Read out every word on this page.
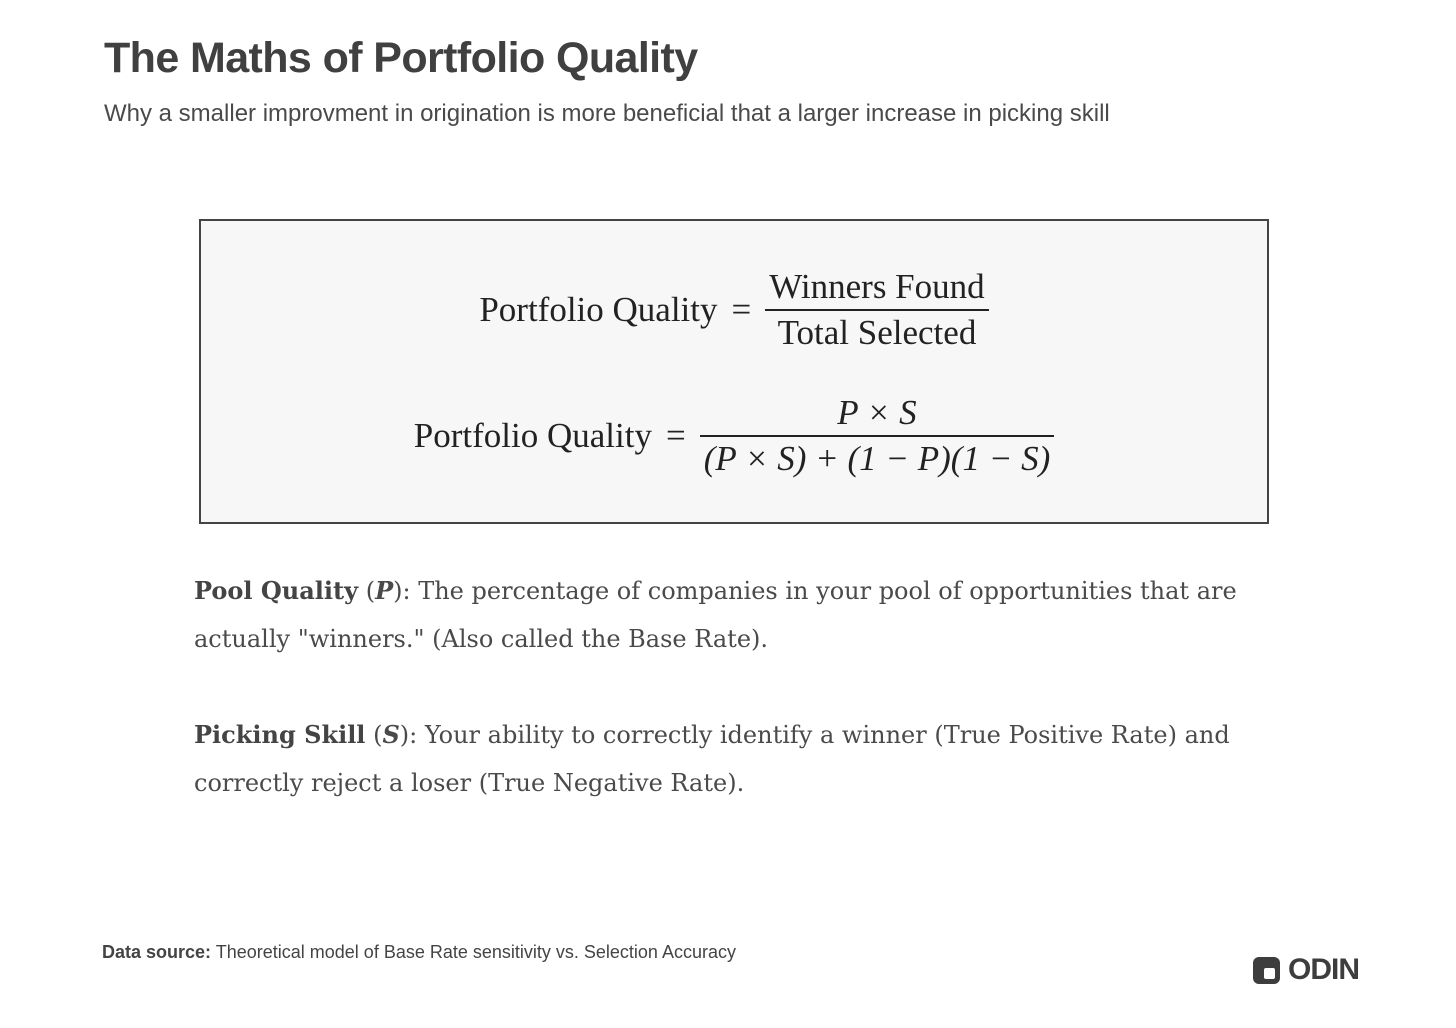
The Maths of Portfolio Quality
Why a smaller improvment in origination is more beneficial that a larger increase in picking skill
Portfolio Quality = $\frac{\text{Winners Found}}{\text{Total Selected}}$
Portfolio Quality = $\frac{P \times S}{(P \times S) + (1 - P)(1 - S)}$
Pool Quality (P): The percentage of companies in your pool of opportunities that are actually "winners." (Also called the Base Rate).
Picking Skill (S): Your ability to correctly identify a winner (True Positive Rate) and correctly reject a loser (True Negative Rate).
Data source: Theoretical model of Base Rate sensitivity vs. Selection Accuracy
ODIN
